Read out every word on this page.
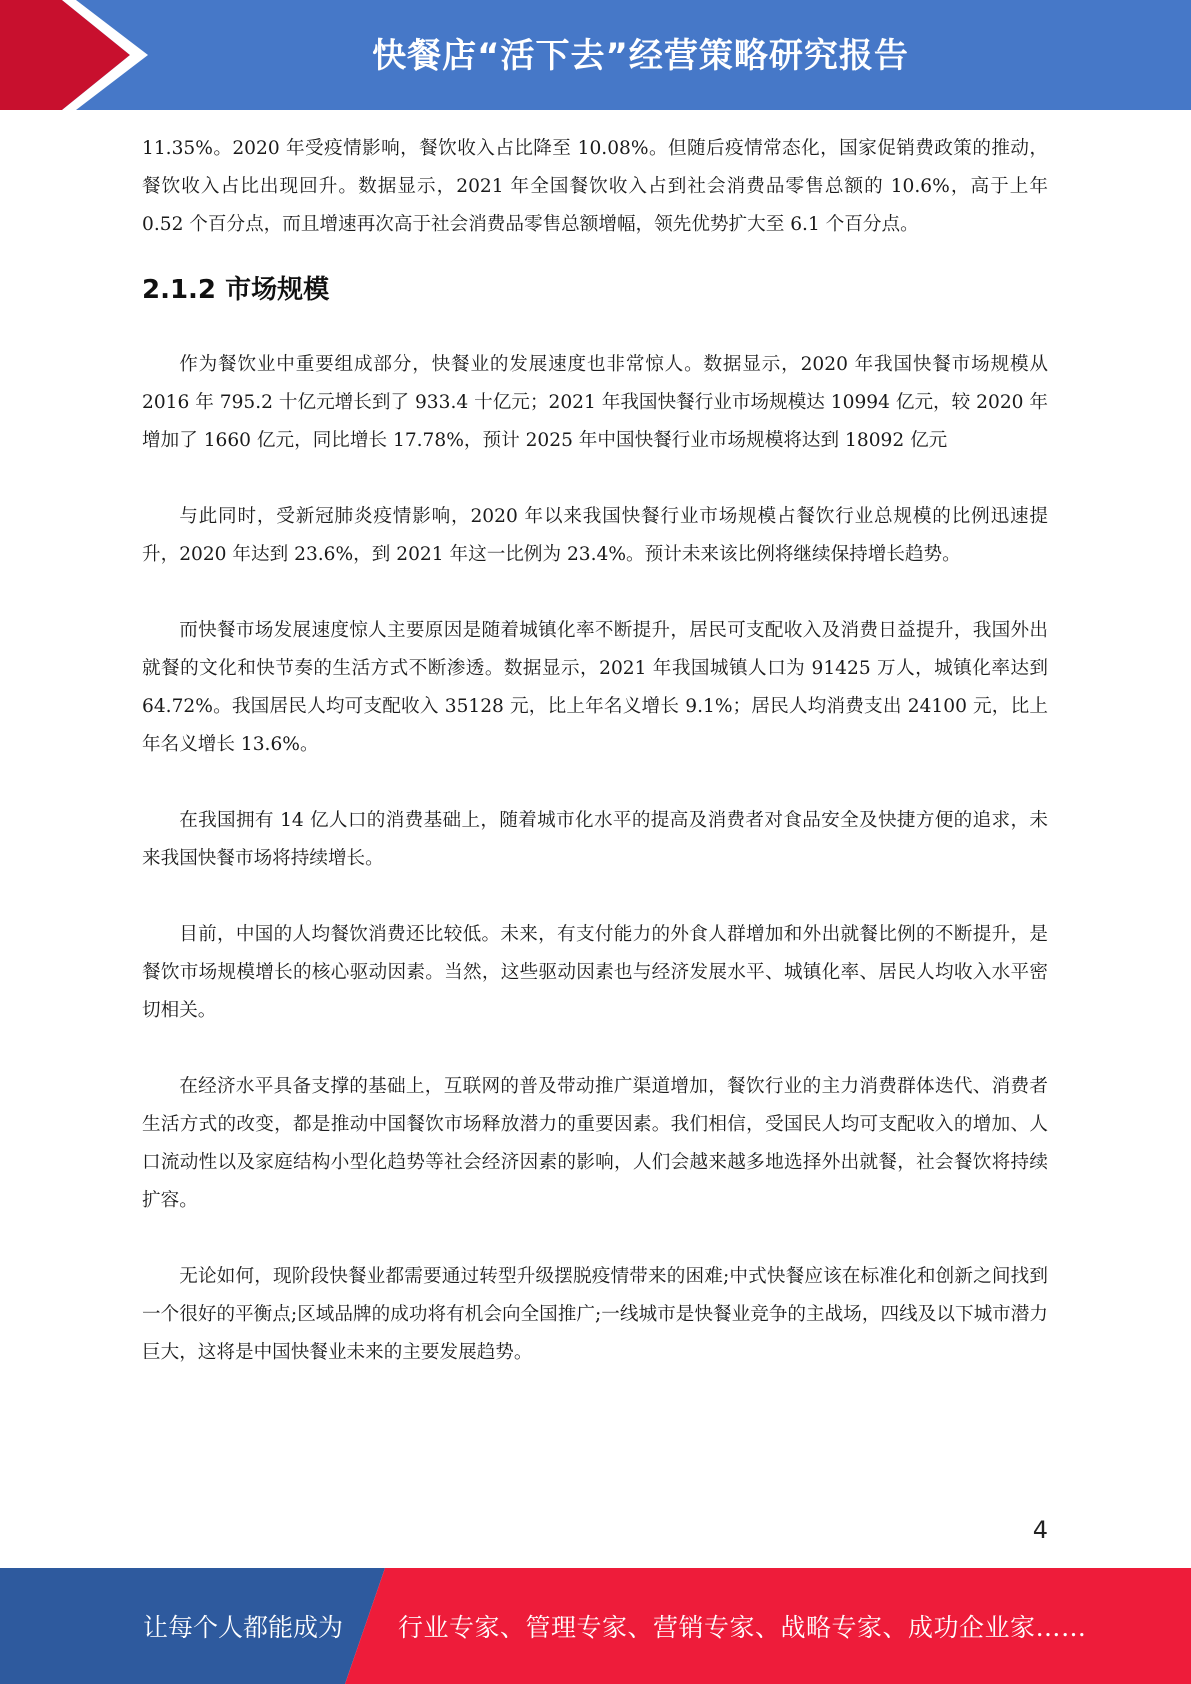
快餐店“活下去”经营策略研究报告

11.35%。2020 年受疫情影响，餐饮收入占比降至 10.08%。但随后疫情常态化，国家促销费政策的推动，餐饮收入占比出现回升。数据显示，2021 年全国餐饮收入占到社会消费品零售总额的 10.6%，高于上年 0.52 个百分点，而且增速再次高于社会消费品零售总额增幅，领先优势扩大至 6.1 个百分点。

2.1.2 市场规模

作为餐饮业中重要组成部分，快餐业的发展速度也非常惊人。数据显示，2020 年我国快餐市场规模从 2016 年 795.2 十亿元增长到了 933.4 十亿元；2021 年我国快餐行业市场规模达 10994 亿元，较 2020 年增加了 1660 亿元，同比增长 17.78%，预计 2025 年中国快餐行业市场规模将达到 18092 亿元

与此同时，受新冠肺炎疫情影响，2020 年以来我国快餐行业市场规模占餐饮行业总规模的比例迅速提升，2020 年达到 23.6%，到 2021 年这一比例为 23.4%。预计未来该比例将继续保持增长趋势。

而快餐市场发展速度惊人主要原因是随着城镇化率不断提升，居民可支配收入及消费日益提升，我国外出就餐的文化和快节奏的生活方式不断渗透。数据显示，2021 年我国城镇人口为 91425 万人，城镇化率达到 64.72%。我国居民人均可支配收入 35128 元，比上年名义增长 9.1%；居民人均消费支出 24100 元，比上年名义增长 13.6%。

在我国拥有 14 亿人口的消费基础上，随着城市化水平的提高及消费者对食品安全及快捷方便的追求，未来我国快餐市场将持续增长。

目前，中国的人均餐饮消费还比较低。未来，有支付能力的外食人群增加和外出就餐比例的不断提升，是餐饮市场规模增长的核心驱动因素。当然，这些驱动因素也与经济发展水平、城镇化率、居民人均收入水平密切相关。

在经济水平具备支撑的基础上，互联网的普及带动推广渠道增加，餐饮行业的主力消费群体迭代、消费者生活方式的改变，都是推动中国餐饮市场释放潜力的重要因素。我们相信，受国民人均可支配收入的增加、人口流动性以及家庭结构小型化趋势等社会经济因素的影响，人们会越来越多地选择外出就餐，社会餐饮将持续扩容。

无论如何，现阶段快餐业都需要通过转型升级摆脱疫情带来的困难;中式快餐应该在标准化和创新之间找到一个很好的平衡点;区域品牌的成功将有机会向全国推广;一线城市是快餐业竞争的主战场，四线及以下城市潜力巨大，这将是中国快餐业未来的主要发展趋势。

4
让每个人都能成为 行业专家、管理专家、营销专家、战略专家、成功企业家……
